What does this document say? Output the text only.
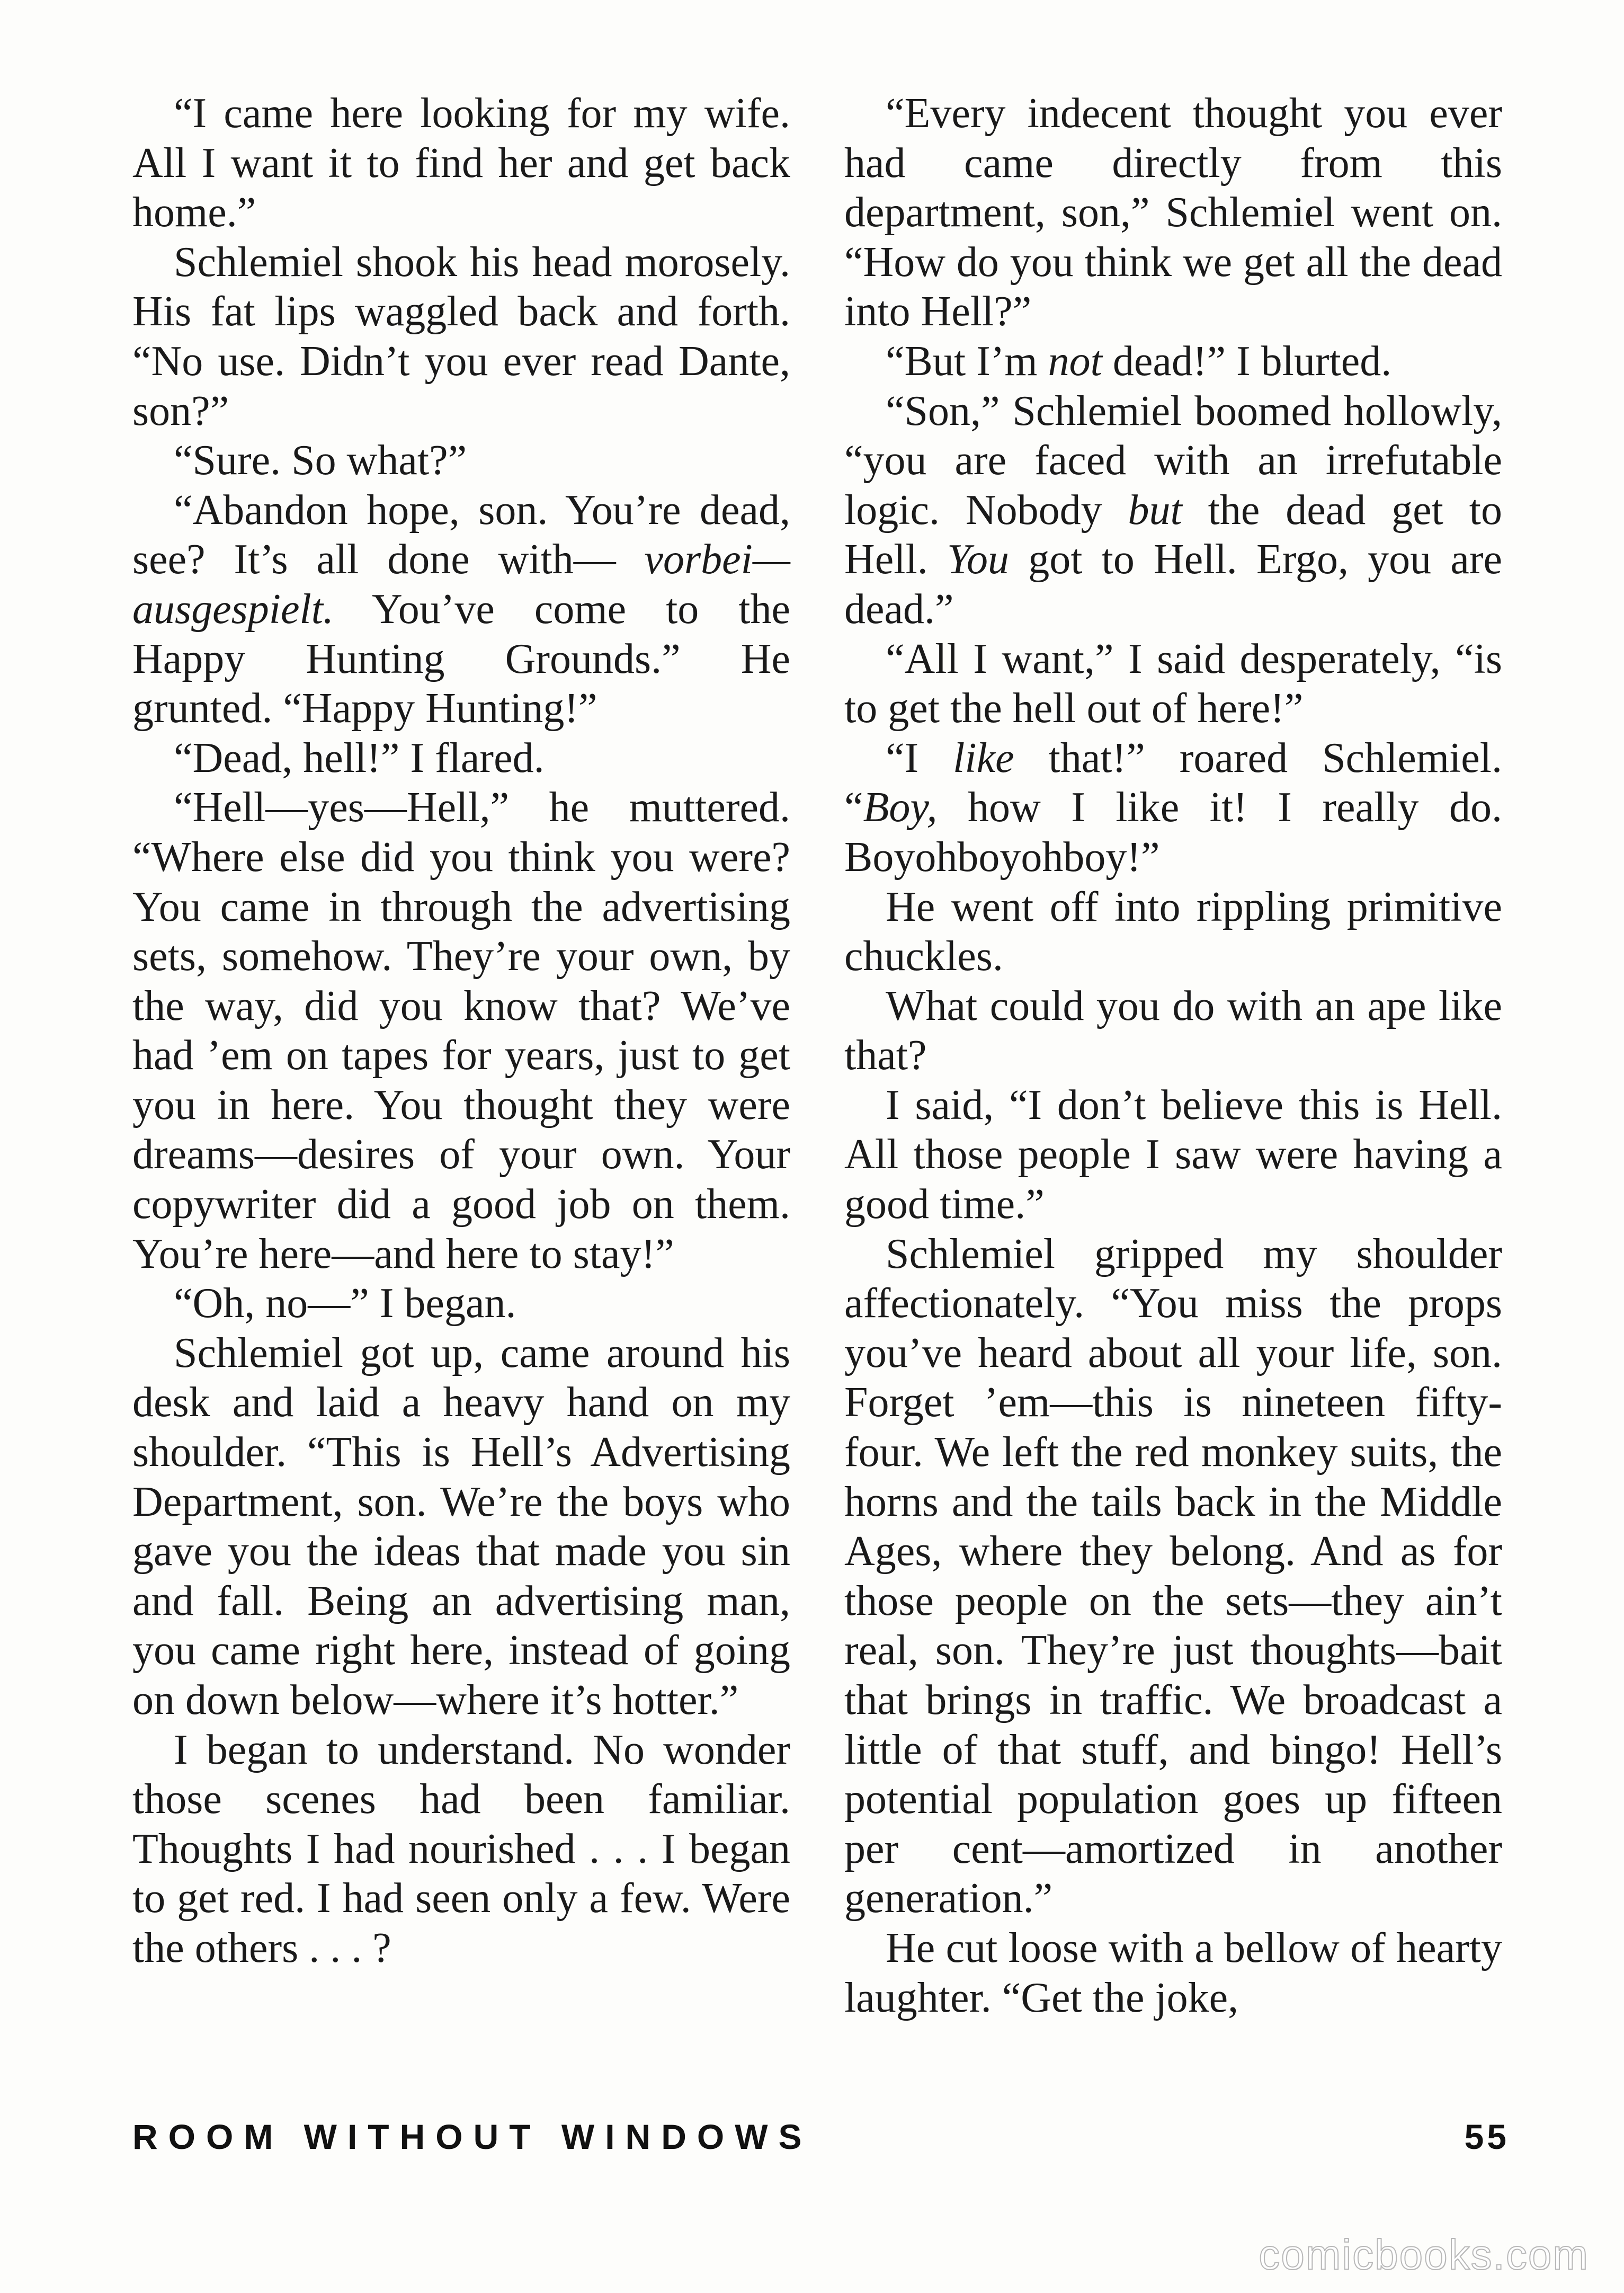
“I came here looking for my wife. All I want it to find her and get back home.”

Schlemiel shook his head morosely. His fat lips waggled back and forth. “No use. Didn’t you ever read Dante, son?”

“Sure. So what?”

“Abandon hope, son. You’re dead, see? It’s all done with— vorbei— ausgespielt. You’ve come to the Happy Hunting Grounds.” He grunted. “Happy Hunting!”

“Dead, hell!” I flared.

“Hell—yes—Hell,” he muttered. “Where else did you think you were? You came in through the advertising sets, somehow. They’re your own, by the way, did you know that? We’ve had ’em on tapes for years, just to get you in here. You thought they were dreams—desires of your own. Your copywriter did a good job on them. You’re here—and here to stay!”

“Oh, no—” I began.

Schlemiel got up, came around his desk and laid a heavy hand on my shoulder. “This is Hell’s Advertising Department, son. We’re the boys who gave you the ideas that made you sin and fall. Being an advertising man, you came right here, instead of going on down below—where it’s hotter.”

I began to understand. No wonder those scenes had been familiar. Thoughts I had nourished . . . I began to get red. I had seen only a few. Were the others . . . ?

“Every indecent thought you ever had came directly from this department, son,” Schlemiel went on. “How do you think we get all the dead into Hell?”

“But I’m not dead!” I blurted.

“Son,” Schlemiel boomed hollowly, “you are faced with an irrefutable logic. Nobody but the dead get to Hell. You got to Hell. Ergo, you are dead.”

“All I want,” I said desperately, “is to get the hell out of here!”

“I like that!” roared Schlemiel. “Boy, how I like it! I really do. Boyohboyohboy!”

He went off into rippling primitive chuckles.

What could you do with an ape like that?

I said, “I don’t believe this is Hell. All those people I saw were having a good time.”

Schlemiel gripped my shoulder affectionately. “You miss the props you’ve heard about all your life, son. Forget ’em—this is nineteen fifty-four. We left the red monkey suits, the horns and the tails back in the Middle Ages, where they belong. And as for those people on the sets—they ain’t real, son. They’re just thoughts—bait that brings in traffic. We broadcast a little of that stuff, and bingo! Hell’s potential population goes up fifteen per cent—amortized in another generation.”

He cut loose with a bellow of hearty laughter. “Get the joke,

ROOM WITHOUT WINDOWS	55
comicbooks.com
